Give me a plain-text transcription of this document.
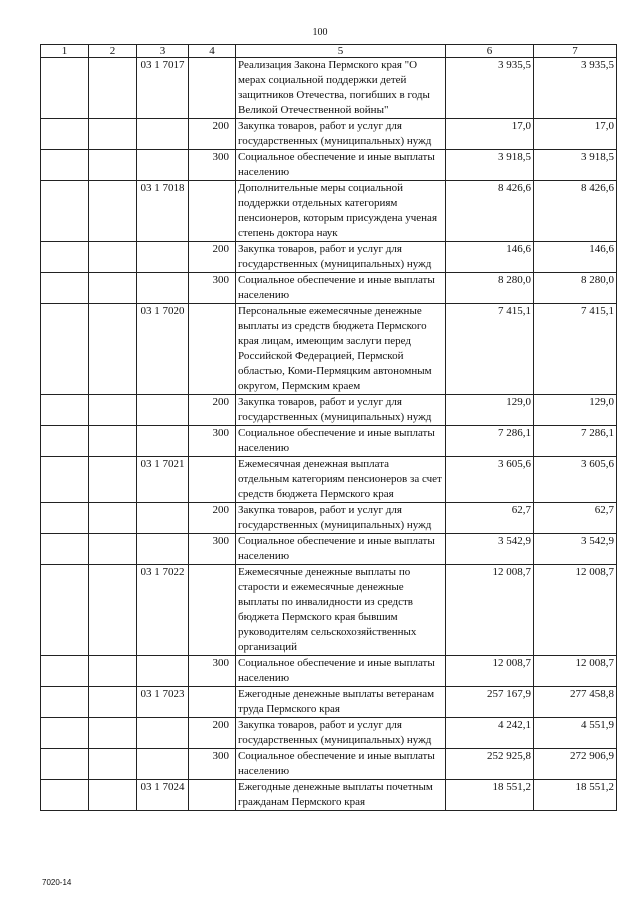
100
1	2	3	4	5	6	7
		03 1 7017		Реализация Закона Пермского края "О мерах социальной поддержки детей защитников Отечества, погибших в годы Великой Отечественной войны"	3 935,5	3 935,5
			200	Закупка товаров, работ и услуг для государственных (муниципальных) нужд	17,0	17,0
			300	Социальное обеспечение и иные выплаты населению	3 918,5	3 918,5
		03 1 7018		Дополнительные меры социальной поддержки отдельных категориям пенсионеров, которым присуждена ученая степень доктора наук	8 426,6	8 426,6
			200	Закупка товаров, работ и услуг для государственных (муниципальных) нужд	146,6	146,6
			300	Социальное обеспечение и иные выплаты населению	8 280,0	8 280,0
		03 1 7020		Персональные ежемесячные денежные выплаты из средств бюджета Пермского края лицам, имеющим заслуги перед Российской Федерацией, Пермской областью, Коми-Пермяцким автономным округом, Пермским краем	7 415,1	7 415,1
			200	Закупка товаров, работ и услуг для государственных (муниципальных) нужд	129,0	129,0
			300	Социальное обеспечение и иные выплаты населению	7 286,1	7 286,1
		03 1 7021		Ежемесячная денежная выплата отдельным категориям пенсионеров за счет средств бюджета Пермского края	3 605,6	3 605,6
			200	Закупка товаров, работ и услуг для государственных (муниципальных) нужд	62,7	62,7
			300	Социальное обеспечение и иные выплаты населению	3 542,9	3 542,9
		03 1 7022		Ежемесячные денежные выплаты по старости и ежемесячные денежные выплаты по инвалидности из средств бюджета Пермского края бывшим руководителям сельскохозяйственных организаций	12 008,7	12 008,7
			300	Социальное обеспечение и иные выплаты населению	12 008,7	12 008,7
		03 1 7023		Ежегодные денежные выплаты ветеранам труда Пермского края	257 167,9	277 458,8
			200	Закупка товаров, работ и услуг для государственных (муниципальных) нужд	4 242,1	4 551,9
			300	Социальное обеспечение и иные выплаты населению	252 925,8	272 906,9
		03 1 7024		Ежегодные денежные выплаты почетным гражданам Пермского края	18 551,2	18 551,2
7020-14
